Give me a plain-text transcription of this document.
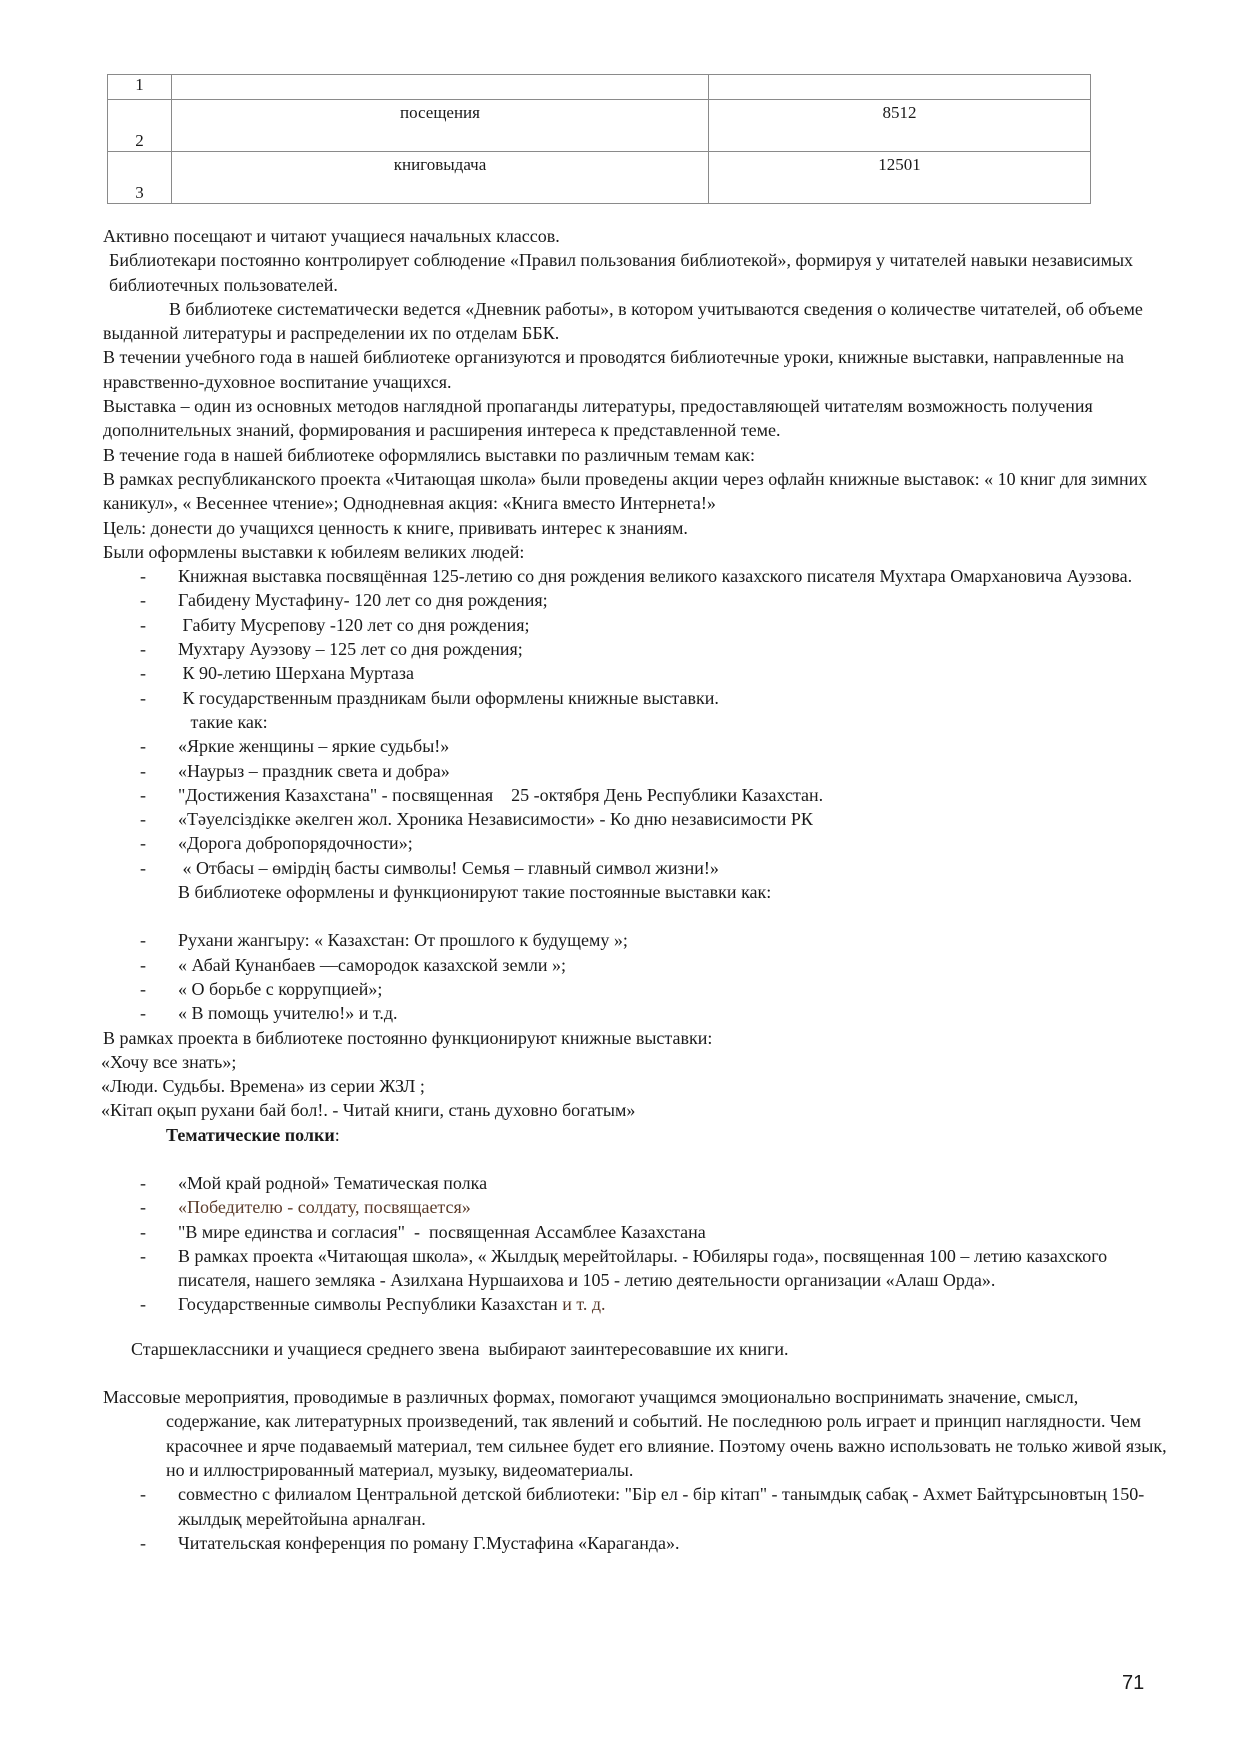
1		
2	посещения	8512
3	книговыдача	12501

Активно посещают и читают учащиеся начальных классов.

Библиотекари постоянно контролирует соблюдение «Правил пользования библиотекой», формируя у читателей навыки независимых библиотечных пользователей.

В библиотеке систематически ведется «Дневник работы», в котором учитываются сведения о количестве читателей, об объеме выданной литературы и распределении их по отделам ББК.

В течении учебного года в нашей библиотеке организуются и проводятся библиотечные уроки, книжные выставки, направленные на нравственно-духовное воспитание учащихся.

Выставка – один из основных методов наглядной пропаганды литературы, предоставляющей читателям возможность получения дополнительных знаний, формирования и расширения интереса к представленной теме.

В течение года в нашей библиотеке оформлялись выставки по различным темам как:

В рамках республиканского проекта «Читающая школа» были проведены акции через офлайн книжные выставок: « 10 книг для зимних каникул», « Весеннее чтение»; Однодневная акция: «Книга вместо Интернета!»

Цель: донести до учащихся ценность к книге, прививать интерес к знаниям.

Были оформлены выставки к юбилеям великих людей:

- Книжная выставка посвящённая 125-летию со дня рождения великого казахского писателя Мухтара Омархановича Ауэзова.
- Габидену Мустафину- 120 лет со дня рождения;
- Габиту Мусрепову -120 лет со дня рождения;
- Мухтару Ауэзову – 125 лет со дня рождения;
- К 90-летию Шерхана Муртаза
- К государственным праздникам были оформлены книжные выставки.

такие как:

- «Яркие женщины – яркие судьбы!»
- «Наурыз – праздник света и добра»
- "Достижения Казахстана" - посвященная    25 -октября День Республики Казахстан.
- «Тәуелсіздікке әкелген жол. Хроника Независимости» - Ко дню независимости РК
- «Дорога добропорядочности»;
- « Отбасы – өмірдің басты символы! Семья – главный символ жизни!»

В библиотеке оформлены и функционируют такие постоянные выставки как:

- Рухани жангыру: « Казахстан: От прошлого к будущему »;
- « Абай Кунанбаев —самородок казахской земли »;
- « О борьбе с коррупцией»;
- « В помощь учителю!» и т.д.

В рамках проекта в библиотеке постоянно функционируют книжные выставки:

«Хочу все знать»;

«Люди. Судьбы. Времена» из серии ЖЗЛ ;

«Кітап оқып рухани бай бол!. - Читай книги, стань духовно богатым»

Тематические полки:

- «Мой край родной» Тематическая полка
- «Победителю - солдату, посвящается»
- "В мире единства и согласия"  -  посвященная Ассамблее Казахстана
- В рамках проекта «Читающая школа», « Жылдық мерейтойлары. - Юбиляры года», посвященная 100 – летию казахского писателя, нашего земляка - Азилхана Нуршаихова и 105 - летию деятельности организации «Алаш Орда».
- Государственные символы Республики Казахстан и т. д.

Старшеклассники и учащиеся среднего звена  выбирают заинтересовавшие их книги.

Массовые мероприятия, проводимые в различных формах, помогают учащимся эмоционально воспринимать значение, смысл, содержание, как литературных произведений, так явлений и событий. Не последнюю роль играет и принцип наглядности. Чем красочнее и ярче подаваемый материал, тем сильнее будет его влияние. Поэтому очень важно использовать не только живой язык, но и иллюстрированный материал, музыку, видеоматериалы.

- совместно с филиалом Центральной детской библиотеки: "Бір ел - бір кітап" - танымдық сабақ - Ахмет Байтұрсыновтың 150-жылдық мерейтойына арналған.
- Читательская конференция по роману Г.Мустафина «Караганда».
71
